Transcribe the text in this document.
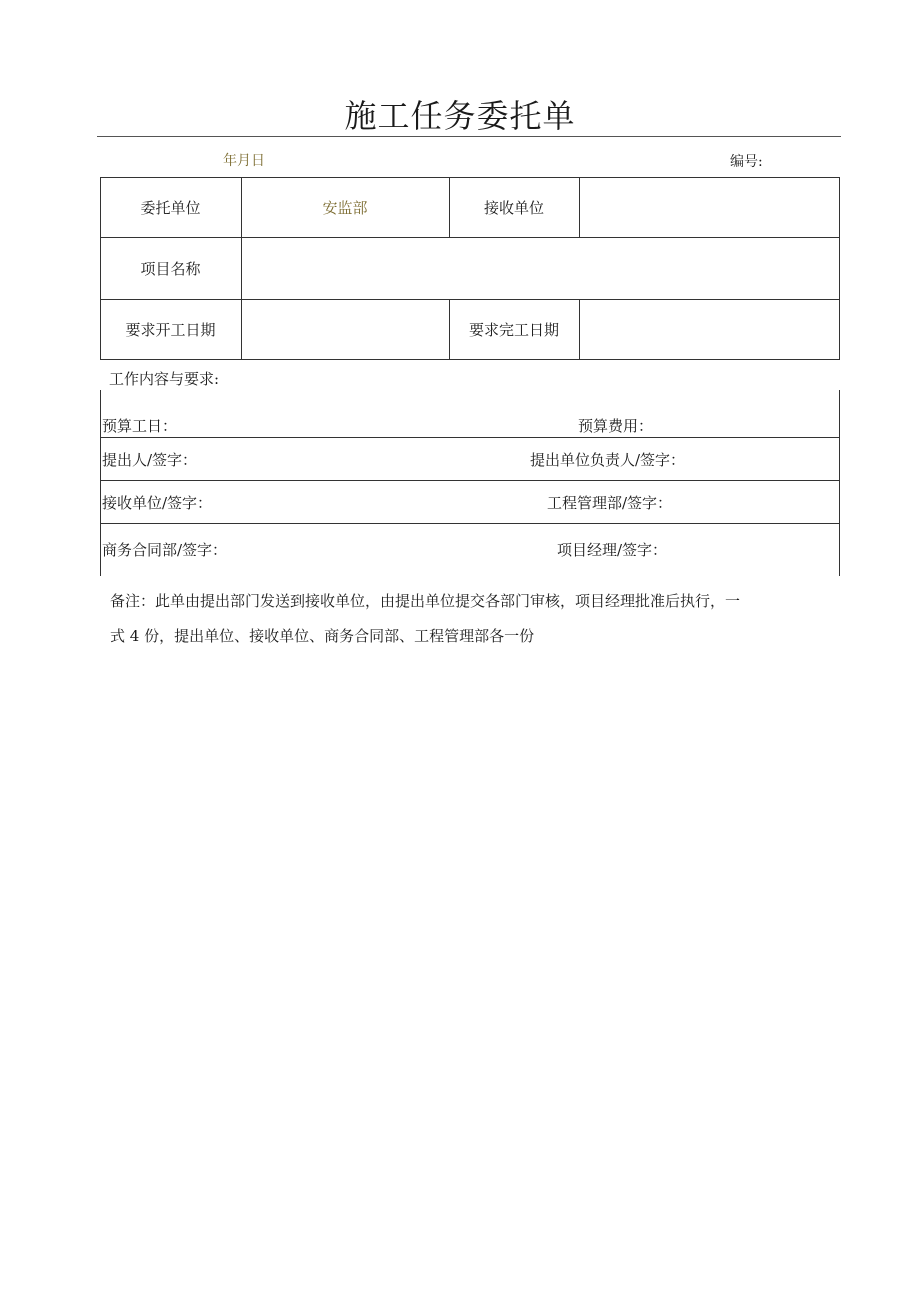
施工任务委托单
年月日	编号:
委托单位	安监部	接收单位
项目名称
要求开工日期	要求完工日期
工作内容与要求:
预算工日：	预算费用：
提出人/签字：	提出单位负责人/签字：
接收单位/签字：	工程管理部/签字：
商务合同部/签字：	项目经理/签字：
备注：此单由提出部门发送到接收单位，由提出单位提交各部门审核，项目经理批准后执行，一
式 4 份，提出单位、接收单位、商务合同部、工程管理部各一份
